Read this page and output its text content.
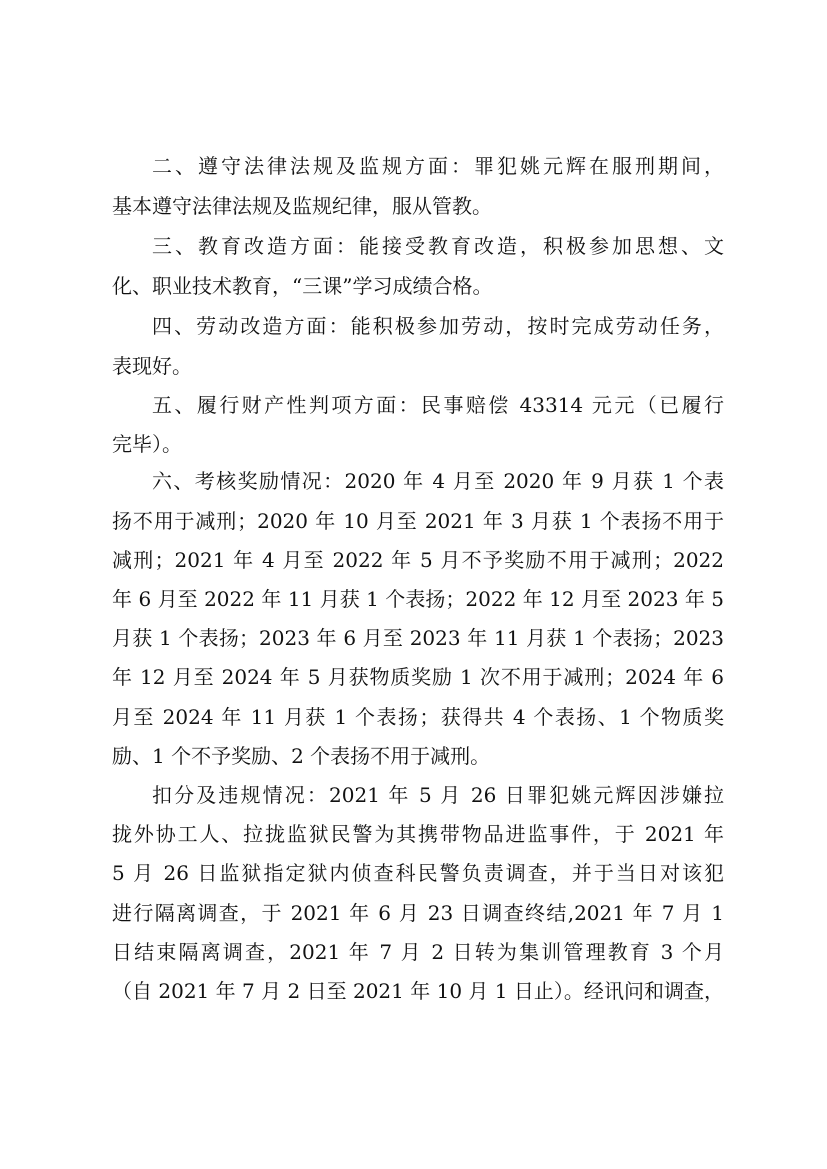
二、遵守法律法规及监规方面：罪犯姚元辉在服刑期间，
基本遵守法律法规及监规纪律，服从管教。
三、教育改造方面：能接受教育改造，积极参加思想、文
化、职业技术教育，“三课”学习成绩合格。
四、劳动改造方面：能积极参加劳动，按时完成劳动任务，
表现好。
五、履行财产性判项方面：民事赔偿 43314 元元（已履行
完毕）。
六、考核奖励情况：2020 年 4 月至 2020 年 9 月获 1 个表
扬不用于减刑；2020 年 10 月至 2021 年 3 月获 1 个表扬不用于
减刑；2021 年 4 月至 2022 年 5 月不予奖励不用于减刑；2022
年 6 月至 2022 年 11 月获 1 个表扬；2022 年 12 月至 2023 年 5
月获 1 个表扬；2023 年 6 月至 2023 年 11 月获 1 个表扬；2023
年 12 月至 2024 年 5 月获物质奖励 1 次不用于减刑；2024 年 6
月至 2024 年 11 月获 1 个表扬；获得共 4 个表扬、1 个物质奖
励、1 个不予奖励、2 个表扬不用于减刑。
扣分及违规情况：2021 年 5 月 26 日罪犯姚元辉因涉嫌拉
拢外协工人、拉拢监狱民警为其携带物品进监事件，于 2021 年
5 月 26 日监狱指定狱内侦查科民警负责调查，并于当日对该犯
进行隔离调查，于 2021 年 6 月 23 日调查终结,2021 年 7 月 1
日结束隔离调查，2021 年 7 月 2 日转为集训管理教育 3 个月
（自 2021 年 7 月 2 日至 2021 年 10 月 1 日止）。经讯问和调查，
